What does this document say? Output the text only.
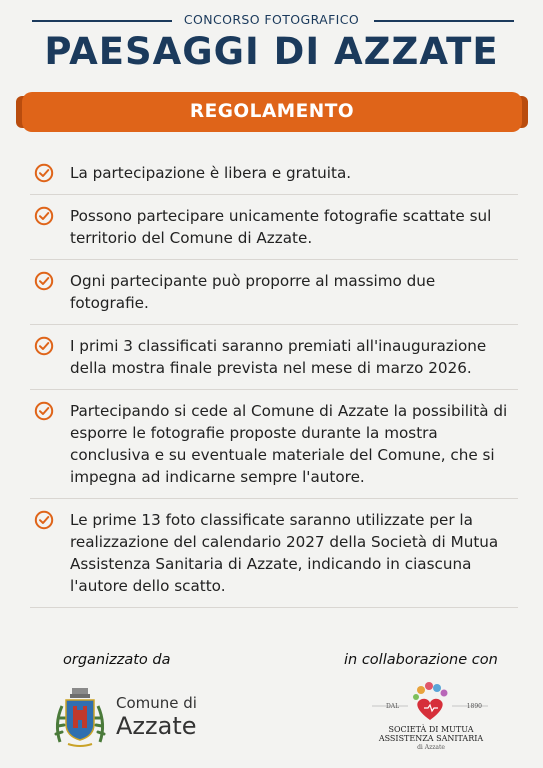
CONCORSO FOTOGRAFICO
PAESAGGI DI AZZATE
REGOLAMENTO
La partecipazione è libera e gratuita.
Possono partecipare unicamente fotografie scattate sul territorio del Comune di Azzate.
Ogni partecipante può proporre al massimo due fotografie.
I primi 3 classificati saranno premiati all'inaugurazione della mostra finale prevista nel mese di marzo 2026.
Partecipando si cede al Comune di Azzate la possibilità di esporre le fotografie proposte durante la mostra conclusiva e su eventuale materiale del Comune, che si impegna ad indicarne sempre l'autore.
Le prime 13 foto classificate saranno utilizzate per la realizzazione del calendario 2027 della Società di Mutua Assistenza Sanitaria di Azzate, indicando in ciascuna l'autore dello scatto.
organizzato da	in collaborazione con
Comune di
Azzate
DAL	1890
SOCIETÀ DI MUTUA
ASSISTENZA SANITARIA
di Azzate
